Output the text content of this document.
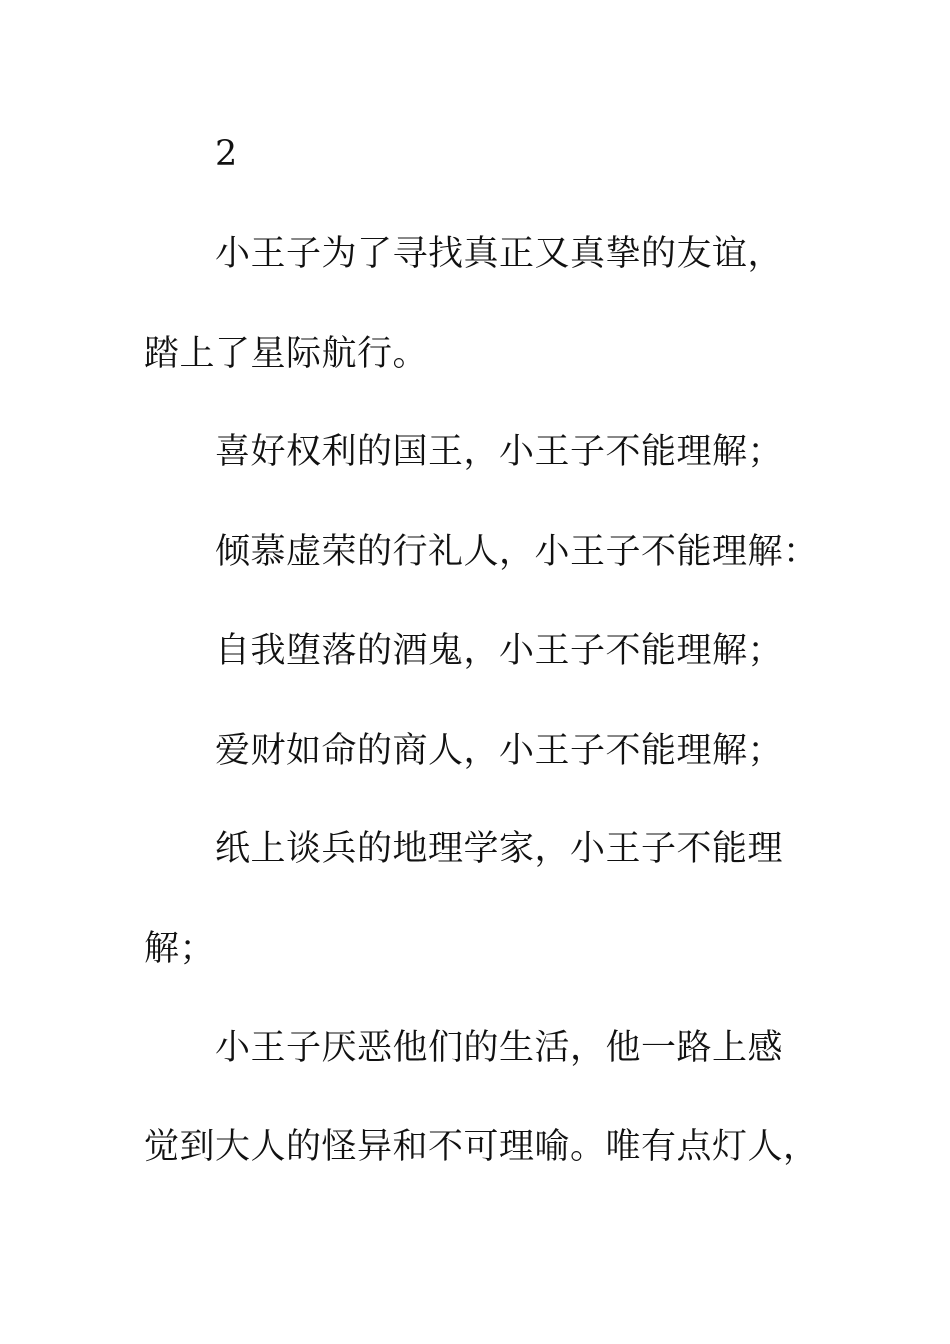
2
小王子为了寻找真正又真挚的友谊，
踏上了星际航行。
喜好权利的国王，小王子不能理解；
倾慕虚荣的行礼人，小王子不能理解：
自我堕落的酒鬼，小王子不能理解；
爱财如命的商人，小王子不能理解；
纸上谈兵的地理学家，小王子不能理
解；
小王子厌恶他们的生活，他一路上感
觉到大人的怪异和不可理喻。唯有点灯人，
